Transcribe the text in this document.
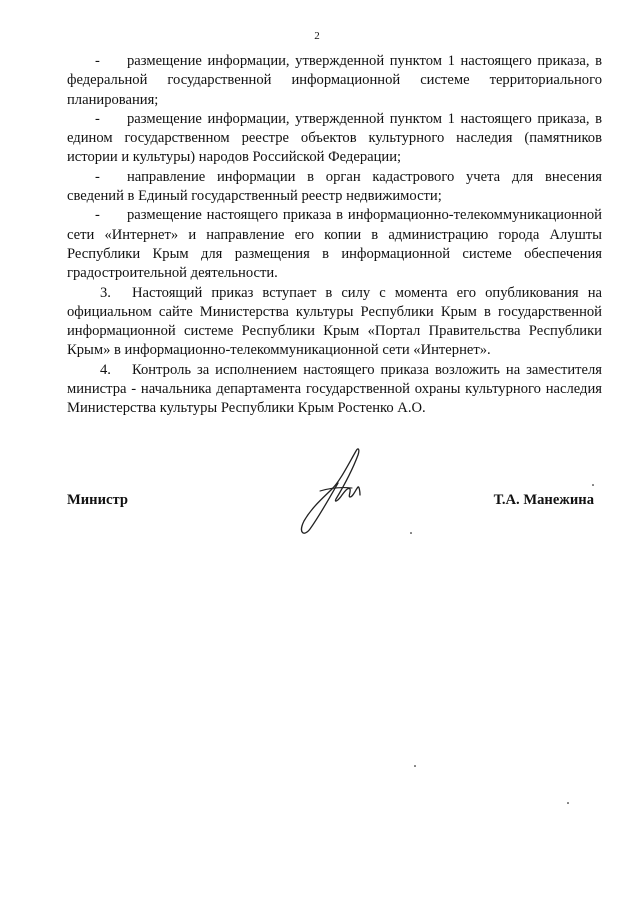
2

- размещение информации, утвержденной пунктом 1 настоящего приказа, в федеральной государственной информационной системе территориального планирования;

- размещение информации, утвержденной пунктом 1 настоящего приказа, в едином государственном реестре объектов культурного наследия (памятников истории и культуры) народов Российской Федерации;

- направление информации в орган кадастрового учета для внесения сведений в Единый государственный реестр недвижимости;

- размещение настоящего приказа в информационно-телекоммуникационной сети «Интернет» и направление его копии в администрацию города Алушты Республики Крым для размещения в информационной системе обеспечения градостроительной деятельности.

3. Настоящий приказ вступает в силу с момента его опубликования на официальном сайте Министерства культуры Республики Крым в государственной информационной системе Республики Крым «Портал Правительства Республики Крым» в информационно-телекоммуникационной сети «Интернет».

4. Контроль за исполнением настоящего приказа возложить на заместителя министра - начальника департамента государственной охраны культурного наследия Министерства культуры Республики Крым Ростенко А.О.

Министр	Т.А. Манежина
